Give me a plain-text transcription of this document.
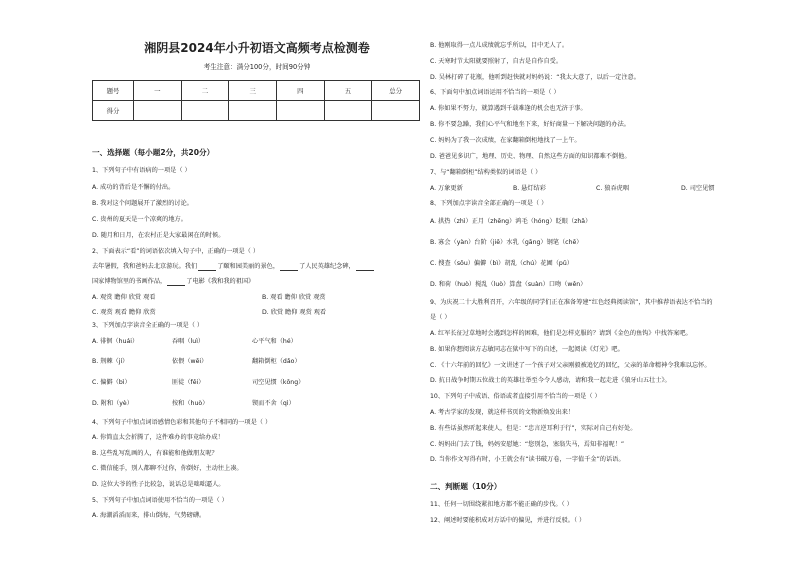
湘阴县2024年小升初语文高频考点检测卷
考生注意：满分100分，时间90分钟
题号	一	二	三	四	五	总分
得分						
一、选择题（每小题2分，共20分）
1、下列句子中有语病的一项是（ ）
A. 成功的背后是不懈的付出。
B. 我对这个问题展开了激烈的讨论。
C. 贵州的夏天是一个凉爽的地方。
D. 随月和日月，在农村正是大家最闲在的时候。
2、下面表示“看”的词语依次填入句子中，正确的一项是（ ）
去年暑假，我和爸妈去北京游玩。我们	了颐和园美丽的景色，	了人民英雄纪念碑，
国家博物馆里的书画作品，	了电影《我和我的祖国》
A. 观赏 瞻仰 欣赏 观看	B. 观看 瞻仰 欣赏 观赏
C. 观赏 观看 瞻仰 欣赏	D. 欣赏 瞻仰 观赏 观看
3、下列加点字读音全正确的一项是（ ）
A. 徘徊（huái）	吞咽（luì）	心平气和（hé）
B. 荆棘（jí）	依偎（wēi）	翻箱倒柜（dǎo）
C. 偏僻（bì）	匪徒（fěi）	司空见惯（kōng）
D. 附和（yè）	按和（huò）	锲而不舍（qì）
4、下列句子中加点词语感情色彩和其他句子不相同的一项是（ ）
A. 你简直太会折腾了，这件难办的事竟给办成！
B. 这些乱写乱画的人，有谁能和他做朋友呢？
C. 微信能手，别人都聊不过你，你倒好，主动往上凑。
D. 这位大爷的性子比较急，说话总是咄咄逼人。
5、下列句子中加点词语使用不恰当的一项是（ ）
A. 海潮滔滔而来，排山倒海，气势磅礴。
B. 他刚取得一点儿成绩就忘乎所以，目中无人了。
C. 天寒时节太阳就要照射了，自古是自作自受。
D. 吴林打碎了花瓶，他听到赶快就对妈妈说：“我太大意了，以后一定注意。
6、下面句中加点词语运用不恰当的一项是（ ）
A. 你如果不努力，就算遇到千载难逢的机会也无济于事。
B. 你不要急躁，我们心平气和地坐下来，好好商量一下解决问题的办法。
C. 妈妈为了我一次成绩，在家翻箱倒柜地找了一上午。
D. 爸爸见多识广，地理、历史、物理、自然这些方面的知识都难不倒他。
7、与“翻箱倒柜”结构类似的词语是（ ）
A. 万象更新	B. 悬灯结彩	C. 狼吞虎咽	D. 司空见惯
8、下列加点字读音全部正确的一项是（ ）
A. 拱热（zhì）正月（zhēng）鸿毛（hóng）眨眼（zhǎ）
B. 寡会（yàn）台阶（jiē）水乳（gāng）钢笔（chē）
C. 搜查（sōu）偏僻（bì）胡乱（chú）花圃（pǔ）
D. 和荷（huò）搅乱（luò）算盘（suàn）口吻（wěn）
9、为庆祝二十大胜利召开，六年级的同学们正在准备筹建“红色经典阅读馆”，其中推荐语表达不恰当的
是（ ）
A. 红军长征过草地时会遇到怎样的困难，他们是怎样克服的？请到《金色的鱼钩》中找答案吧。
B. 如果你想阅读方志敏同志在狱中写下的自述，一起阅读《灯光》吧。
C. 《十六年前的回忆》一文讲述了一个孩子对父亲刚毅被追忆的回忆，父亲的革命精神令我难以忘怀。
D. 抗日战争时期五位战士的英雄壮举至今令人感动，请和我一起走进《狼牙山五壮士》。
10、下列句子中成语、俗语或者直接引用不恰当的一项是（ ）
A. 考古学家的发现，就这样书页的文物新焕发出来！
B. 有些话虽然听起来使人，但是：“忠言逆耳利于行”，实际对自己有好处。
C. 妈妈出门去了钱，妈妈安慰她：“您别急，塞翁失马，焉知非福呢！”
D. 当你作文写得有时，小王就会有“读书破万卷，一字值千金”的话语。
二、判断题（10分）
11、任何一切围绕紧扣地方都不能正确的步伐。（ ）
12、阐述时要能积成对方话中的偏见，并进行反驳。（ ）
